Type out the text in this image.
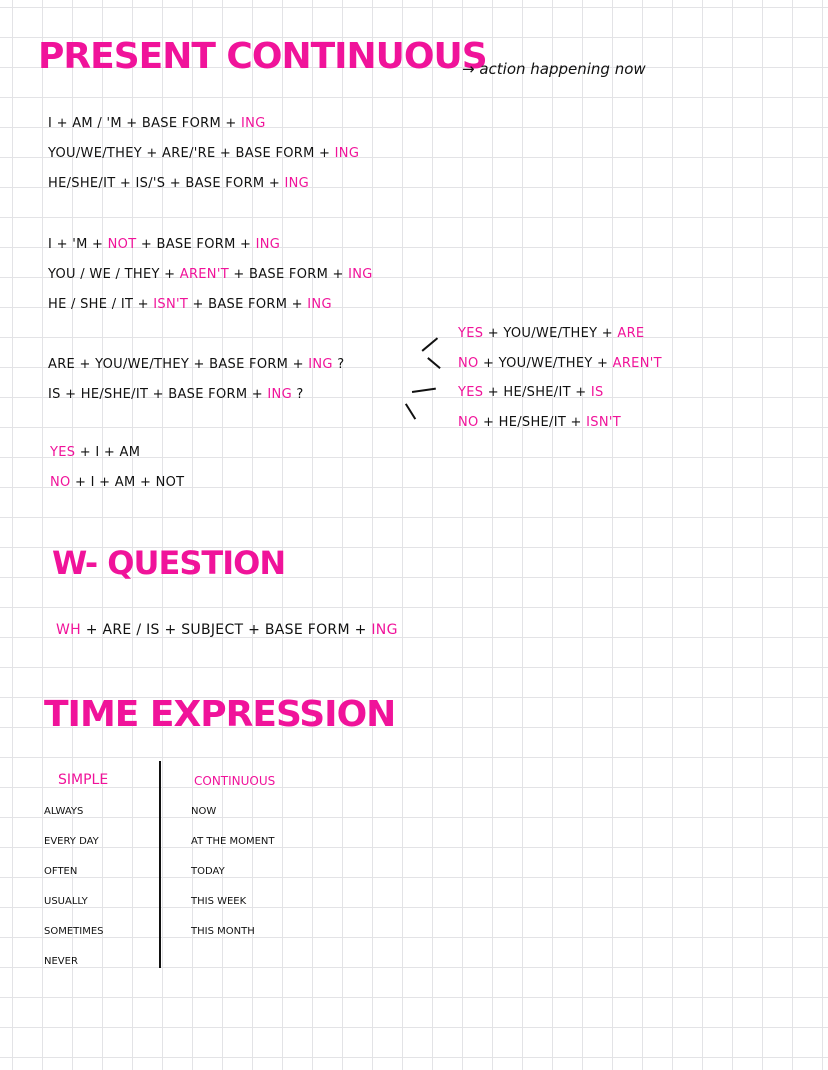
PRESENT CONTINUOUS
→ action happening now
I + AM / 'M + BASE FORM + ING
YOU/WE/THEY + ARE/'RE + BASE FORM + ING
HE/SHE/IT + IS/'S + BASE FORM + ING
I + 'M + NOT + BASE FORM + ING
YOU / WE / THEY + AREN'T + BASE FORM + ING
HE / SHE / IT + ISN'T + BASE FORM + ING
ARE + YOU/WE/THEY + BASE FORM + ING ?
IS + HE/SHE/IT + BASE FORM + ING ?
YES + YOU/WE/THEY + ARE
NO + YOU/WE/THEY + AREN'T
YES + HE/SHE/IT + IS
NO + HE/SHE/IT + ISN'T
YES + I + AM
NO + I + AM + NOT
W- QUESTION
WH + ARE / IS + SUBJECT + BASE FORM + ING
TIME EXPRESSION
SIMPLE	CONTINUOUS
ALWAYS
EVERY DAY
OFTEN
USUALLY
SOMETIMES
NEVER
NOW
AT THE MOMENT
TODAY
THIS WEEK
THIS MONTH
